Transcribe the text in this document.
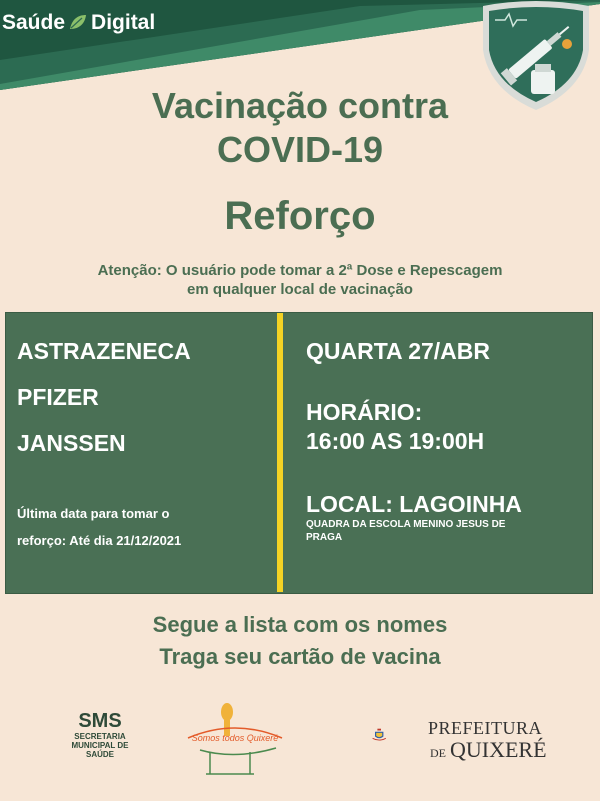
Saúde Digital
Vacinação contra
COVID-19
Reforço
Atenção: O usuário pode tomar a 2ª Dose e Repescagem
em qualquer local de vacinação
ASTRAZENECA
PFIZER
JANSSEN
Última data para tomar o
reforço: Até dia 21/12/2021
QUARTA 27/ABR
HORÁRIO:
16:00 AS 19:00H
LOCAL: LAGOINHA
QUADRA DA ESCOLA MENINO JESUS DE
PRAGA
Segue a lista com os nomes
Traga seu cartão de vacina
SMS
SECRETARIA
MUNICIPAL DE
SAÚDE
Somos todos Quixeré	PREFEITURA
DE QUIXERÉ
